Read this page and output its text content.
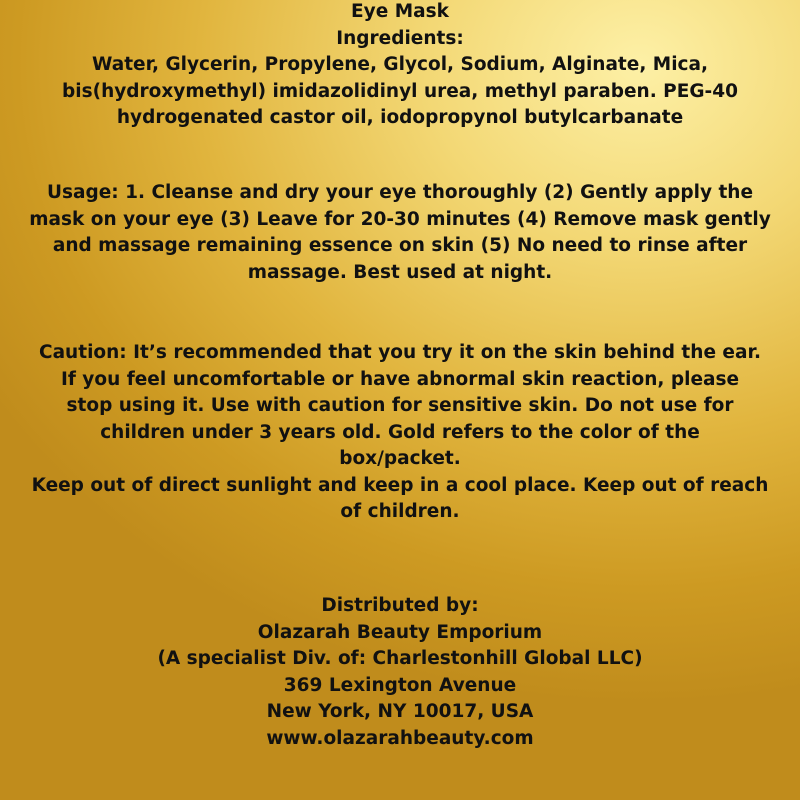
Eye Mask
Ingredients:
Water, Glycerin, Propylene, Glycol, Sodium, Alginate, Mica,
bis(hydroxymethyl) imidazolidinyl urea, methyl paraben. PEG-40
hydrogenated castor oil, iodopropynol butylcarbanate
Usage: 1. Cleanse and dry your eye thoroughly (2) Gently apply the
mask on your eye (3) Leave for 20-30 minutes (4) Remove mask gently
and massage remaining essence on skin (5) No need to rinse after
massage. Best used at night.
Caution: It’s recommended that you try it on the skin behind the ear.
If you feel uncomfortable or have abnormal skin reaction, please
stop using it. Use with caution for sensitive skin. Do not use for
children under 3 years old. Gold refers to the color of the
box/packet.
Keep out of direct sunlight and keep in a cool place. Keep out of reach
of children.
Distributed by:
Olazarah Beauty Emporium
(A specialist Div. of: Charlestonhill Global LLC)
369 Lexington Avenue
New York, NY 10017, USA
www.olazarahbeauty.com
